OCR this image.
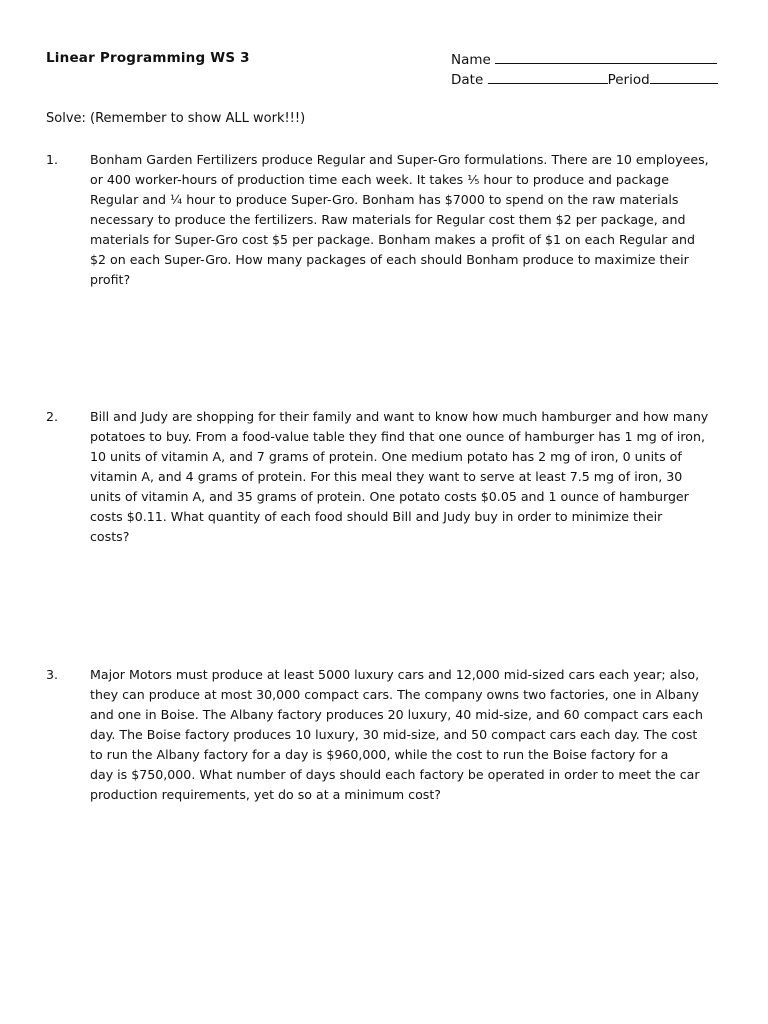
Linear Programming WS 3	Name
Date	Period
Solve: (Remember to show ALL work!!!)
1.	Bonham Garden Fertilizers produce Regular and Super-Gro formulations. There are 10 employees,
or 400 worker-hours of production time each week. It takes ¹⁄₅ hour to produce and package
Regular and ¼ hour to produce Super-Gro. Bonham has $7000 to spend on the raw materials
necessary to produce the fertilizers. Raw materials for Regular cost them $2 per package, and
materials for Super-Gro cost $5 per package. Bonham makes a profit of $1 on each Regular and
$2 on each Super-Gro. How many packages of each should Bonham produce to maximize their
profit?
2.	Bill and Judy are shopping for their family and want to know how much hamburger and how many
potatoes to buy. From a food-value table they find that one ounce of hamburger has 1 mg of iron,
10 units of vitamin A, and 7 grams of protein. One medium potato has 2 mg of iron, 0 units of
vitamin A, and 4 grams of protein. For this meal they want to serve at least 7.5 mg of iron, 30
units of vitamin A, and 35 grams of protein. One potato costs $0.05 and 1 ounce of hamburger
costs $0.11. What quantity of each food should Bill and Judy buy in order to minimize their
costs?
3.	Major Motors must produce at least 5000 luxury cars and 12,000 mid-sized cars each year; also,
they can produce at most 30,000 compact cars. The company owns two factories, one in Albany
and one in Boise. The Albany factory produces 20 luxury, 40 mid-size, and 60 compact cars each
day. The Boise factory produces 10 luxury, 30 mid-size, and 50 compact cars each day. The cost
to run the Albany factory for a day is $960,000, while the cost to run the Boise factory for a
day is $750,000. What number of days should each factory be operated in order to meet the car
production requirements, yet do so at a minimum cost?
